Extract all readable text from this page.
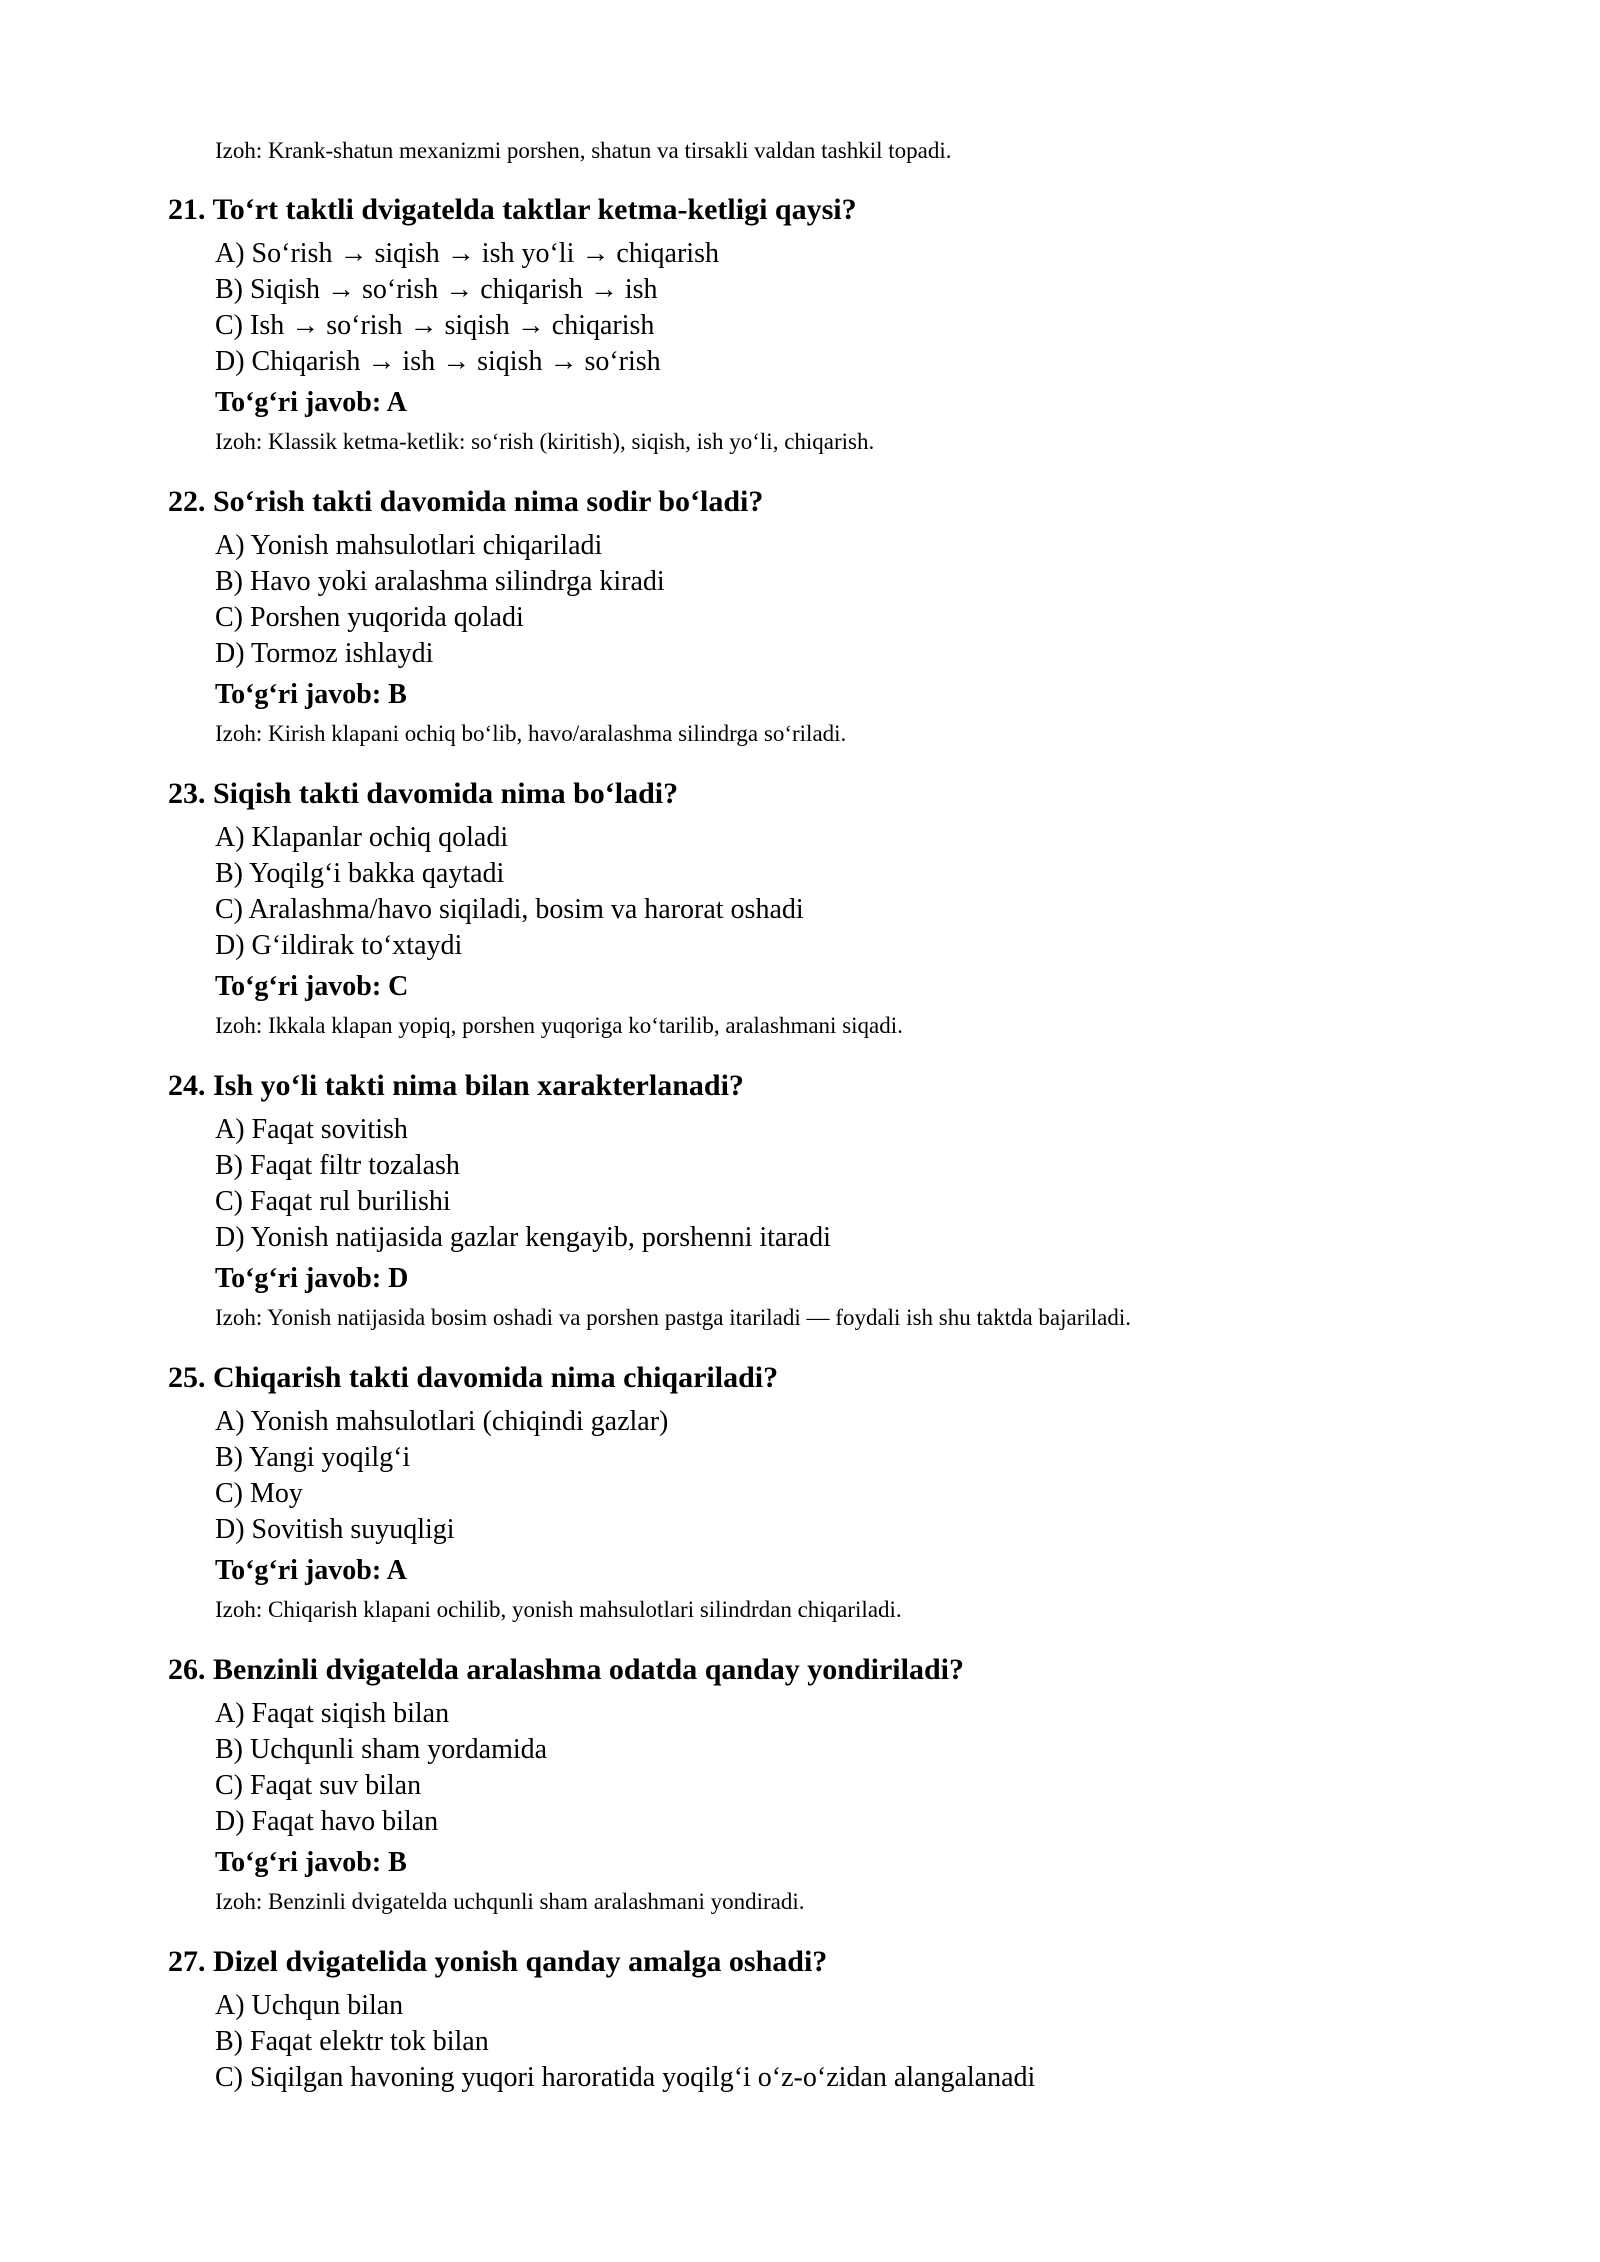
Izoh: Krank-shatun mexanizmi porshen, shatun va tirsakli valdan tashkil topadi.
21. To‘rt taktli dvigatelda taktlar ketma-ketligi qaysi?
A) So‘rish → siqish → ish yo‘li → chiqarish
B) Siqish → so‘rish → chiqarish → ish
C) Ish → so‘rish → siqish → chiqarish
D) Chiqarish → ish → siqish → so‘rish
To‘g‘ri javob: A
Izoh: Klassik ketma-ketlik: so‘rish (kiritish), siqish, ish yo‘li, chiqarish.
22. So‘rish takti davomida nima sodir bo‘ladi?
A) Yonish mahsulotlari chiqariladi
B) Havo yoki aralashma silindrga kiradi
C) Porshen yuqorida qoladi
D) Tormoz ishlaydi
To‘g‘ri javob: B
Izoh: Kirish klapani ochiq bo‘lib, havo/aralashma silindrga so‘riladi.
23. Siqish takti davomida nima bo‘ladi?
A) Klapanlar ochiq qoladi
B) Yoqilg‘i bakka qaytadi
C) Aralashma/havo siqiladi, bosim va harorat oshadi
D) G‘ildirak to‘xtaydi
To‘g‘ri javob: C
Izoh: Ikkala klapan yopiq, porshen yuqoriga ko‘tarilib, aralashmani siqadi.
24. Ish yo‘li takti nima bilan xarakterlanadi?
A) Faqat sovitish
B) Faqat filtr tozalash
C) Faqat rul burilishi
D) Yonish natijasida gazlar kengayib, porshenni itaradi
To‘g‘ri javob: D
Izoh: Yonish natijasida bosim oshadi va porshen pastga itariladi — foydali ish shu taktda bajariladi.
25. Chiqarish takti davomida nima chiqariladi?
A) Yonish mahsulotlari (chiqindi gazlar)
B) Yangi yoqilg‘i
C) Moy
D) Sovitish suyuqligi
To‘g‘ri javob: A
Izoh: Chiqarish klapani ochilib, yonish mahsulotlari silindrdan chiqariladi.
26. Benzinli dvigatelda aralashma odatda qanday yondiriladi?
A) Faqat siqish bilan
B) Uchqunli sham yordamida
C) Faqat suv bilan
D) Faqat havo bilan
To‘g‘ri javob: B
Izoh: Benzinli dvigatelda uchqunli sham aralashmani yondiradi.
27. Dizel dvigatelida yonish qanday amalga oshadi?
A) Uchqun bilan
B) Faqat elektr tok bilan
C) Siqilgan havoning yuqori haroratida yoqilg‘i o‘z-o‘zidan alangalanadi
